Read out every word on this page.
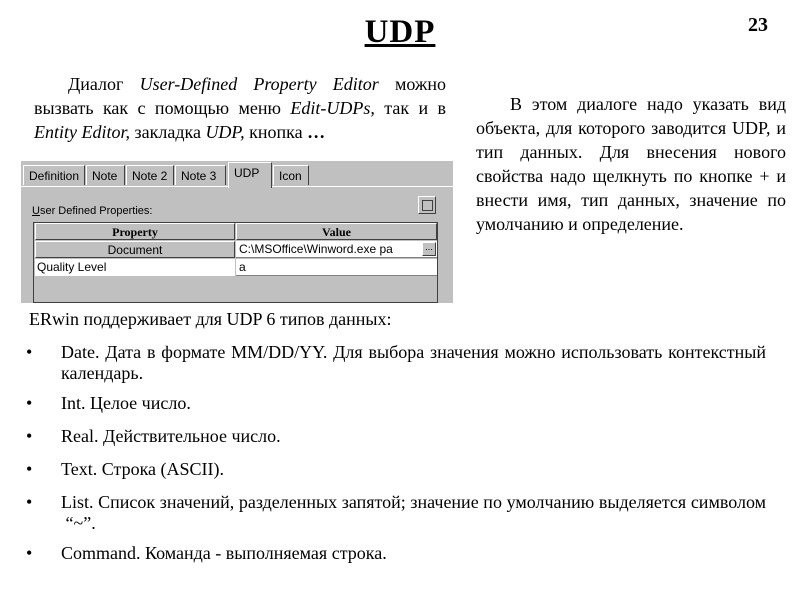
UDP	23
Диалог User-Defined Property Editor можно вызвать как с помощью меню Edit-UDPs, так и в Entity Editor, закладка UDP, кнопка …
В этом диалоге надо указать вид объекта, для которого заводится UDP, и тип данных. Для внесения нового свойства надо щелкнуть по кнопке + и внести имя, тип данных, значение по умолчанию и определение.
Definition	Note	Note 2	Note 3	UDP	Icon
User Defined Properties:
Property	Value
Document	C:\MSOffice\Winword.exe pa	...
Quality Level	a
ERwin поддерживает для UDP 6 типов данных:
• Date. Дата в формате MM/DD/YY. Для выбора значения можно использовать контекстный календарь.
• Int. Целое число.
• Real. Действительное число.
• Text. Строка (ASCII).
• List. Список значений, разделенных запятой; значение по умолчанию выделяется символом  “~”.
• Command. Команда - выполняемая строка.
